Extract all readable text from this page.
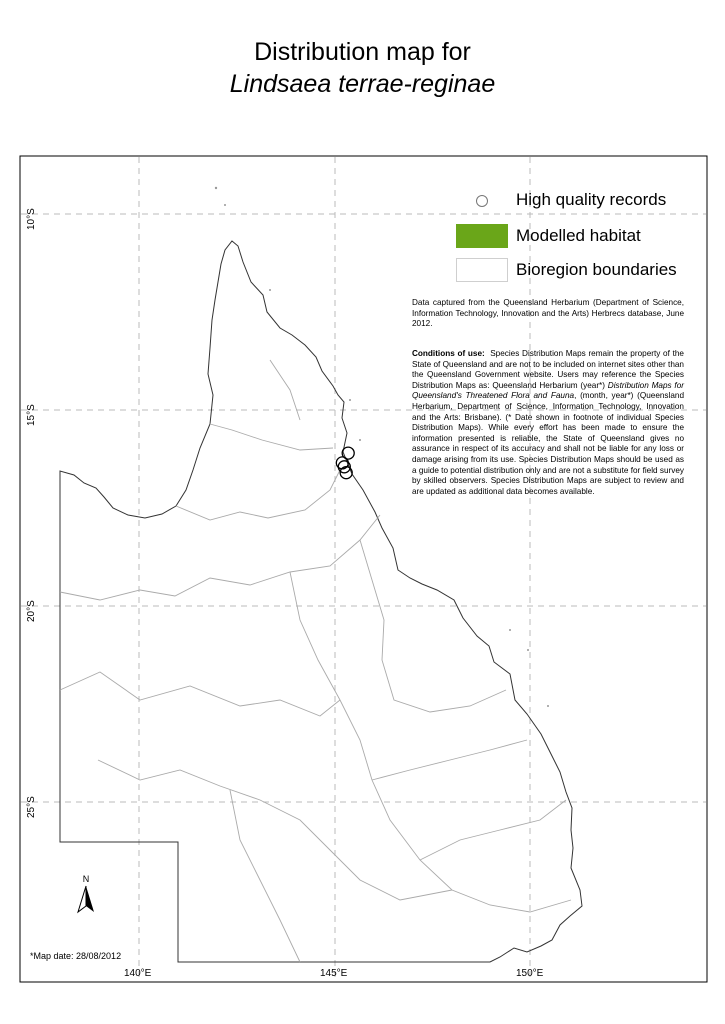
Distribution map for
Lindsaea terrae-reginae
High quality records
Modelled habitat
Bioregion boundaries
Data captured from the Queensland Herbarium (Department of Science, Information Technology, Innovation and the Arts) Herbrecs database, June 2012.
Conditions of use: Species Distribution Maps remain the property of the State of Queensland and are not to be included on internet sites other than the Queensland Government website. Users may reference the Species Distribution Maps as: Queensland Herbarium (year*) Distribution Maps for Queensland's Threatened Flora and Fauna, (month, year*) (Queensland Herbarium, Department of Science, Information Technology, Innovation and the Arts: Brisbane). (* Date shown in footnote of individual Species Distribution Maps). While every effort has been made to ensure the information presented is reliable, the State of Queensland gives no assurance in respect of its accuracy and shall not be liable for any loss or damage arising from its use. Species Distribution Maps should be used as a guide to potential distribution only and are not a substitute for field survey by skilled observers. Species Distribution Maps are subject to review and are updated as additional data becomes available.
140°E	145°E	150°E
10°S
15°S
20°S
25°S
N
*Map date: 28/08/2012
